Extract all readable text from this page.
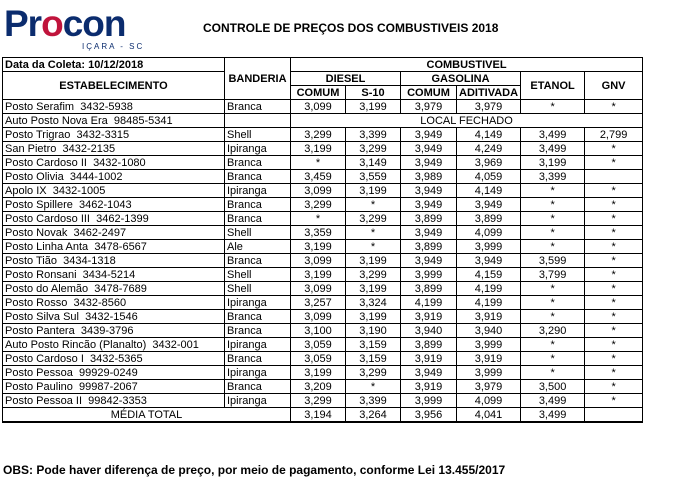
Procon
IÇARA - SC
CONTROLE DE PREÇOS DOS COMBUSTIVEIS 2018
Data da Coleta: 10/12/2018	BANDERIA	COMBUSTIVEL					
ESTABELECIMENTO		DIESEL		GASOLINA		ETANOL	GNV
		COMUM	S-10	COMUM	ADITIVADA		
Posto Serafim 3432-5938	Branca	3,099	3,199	3,979	3,979	*	*
Auto Posto Nova Era 98485-5341		LOCAL FECHADO					
Posto Trigrao 3432-3315	Shell	3,299	3,399	3,949	4,149	3,499	2,799
San Pietro 3432-2135	Ipiranga	3,199	3,299	3,949	4,249	3,499	*
Posto Cardoso II 3432-1080	Branca	*	3,149	3,949	3,969	3,199	*
Posto Olivia 3444-1002	Branca	3,459	3,559	3,989	4,059	3,399	
Apolo IX 3432-1005	Ipiranga	3,099	3,199	3,949	4,149	*	*
Posto Spillere 3462-1043	Branca	3,299	*	3,949	3,949	*	*
Posto Cardoso III 3462-1399	Branca	*	3,299	3,899	3,899	*	*
Posto Novak 3462-2497	Shell	3,359	*	3,949	4,099	*	*
Posto Linha Anta 3478-6567	Ale	3,199	*	3,899	3,999	*	*
Posto Tião 3434-1318	Branca	3,099	3,199	3,949	3,949	3,599	*
Posto Ronsani 3434-5214	Shell	3,199	3,299	3,999	4,159	3,799	*
Posto do Alemão 3478-7689	Shell	3,099	3,199	3,899	4,199	*	*
Posto Rosso 3432-8560	Ipiranga	3,257	3,324	4,199	4,199	*	*
Posto Silva Sul 3432-1546	Branca	3,099	3,199	3,919	3,919	*	*
Posto Pantera 3439-3796	Branca	3,100	3,190	3,940	3,940	3,290	*
Auto Posto Rincão (Planalto) 3432-001	Ipiranga	3,059	3,159	3,899	3,999	*	*
Posto Cardoso I 3432-5365	Branca	3,059	3,159	3,919	3,919	*	*
Posto Pessoa 99929-0249	Ipiranga	3,199	3,299	3,949	3,999	*	*
Posto Paulino 99987-2067	Branca	3,209	*	3,919	3,979	3,500	*
Posto Pessoa II 99842-3353	Ipiranga	3,299	3,399	3,999	4,099	3,499	*
MÉDIA TOTAL		3,194	3,264	3,956	4,041	3,499	
OBS: Pode haver diferença de preço, por meio de pagamento, conforme Lei 13.455/2017
